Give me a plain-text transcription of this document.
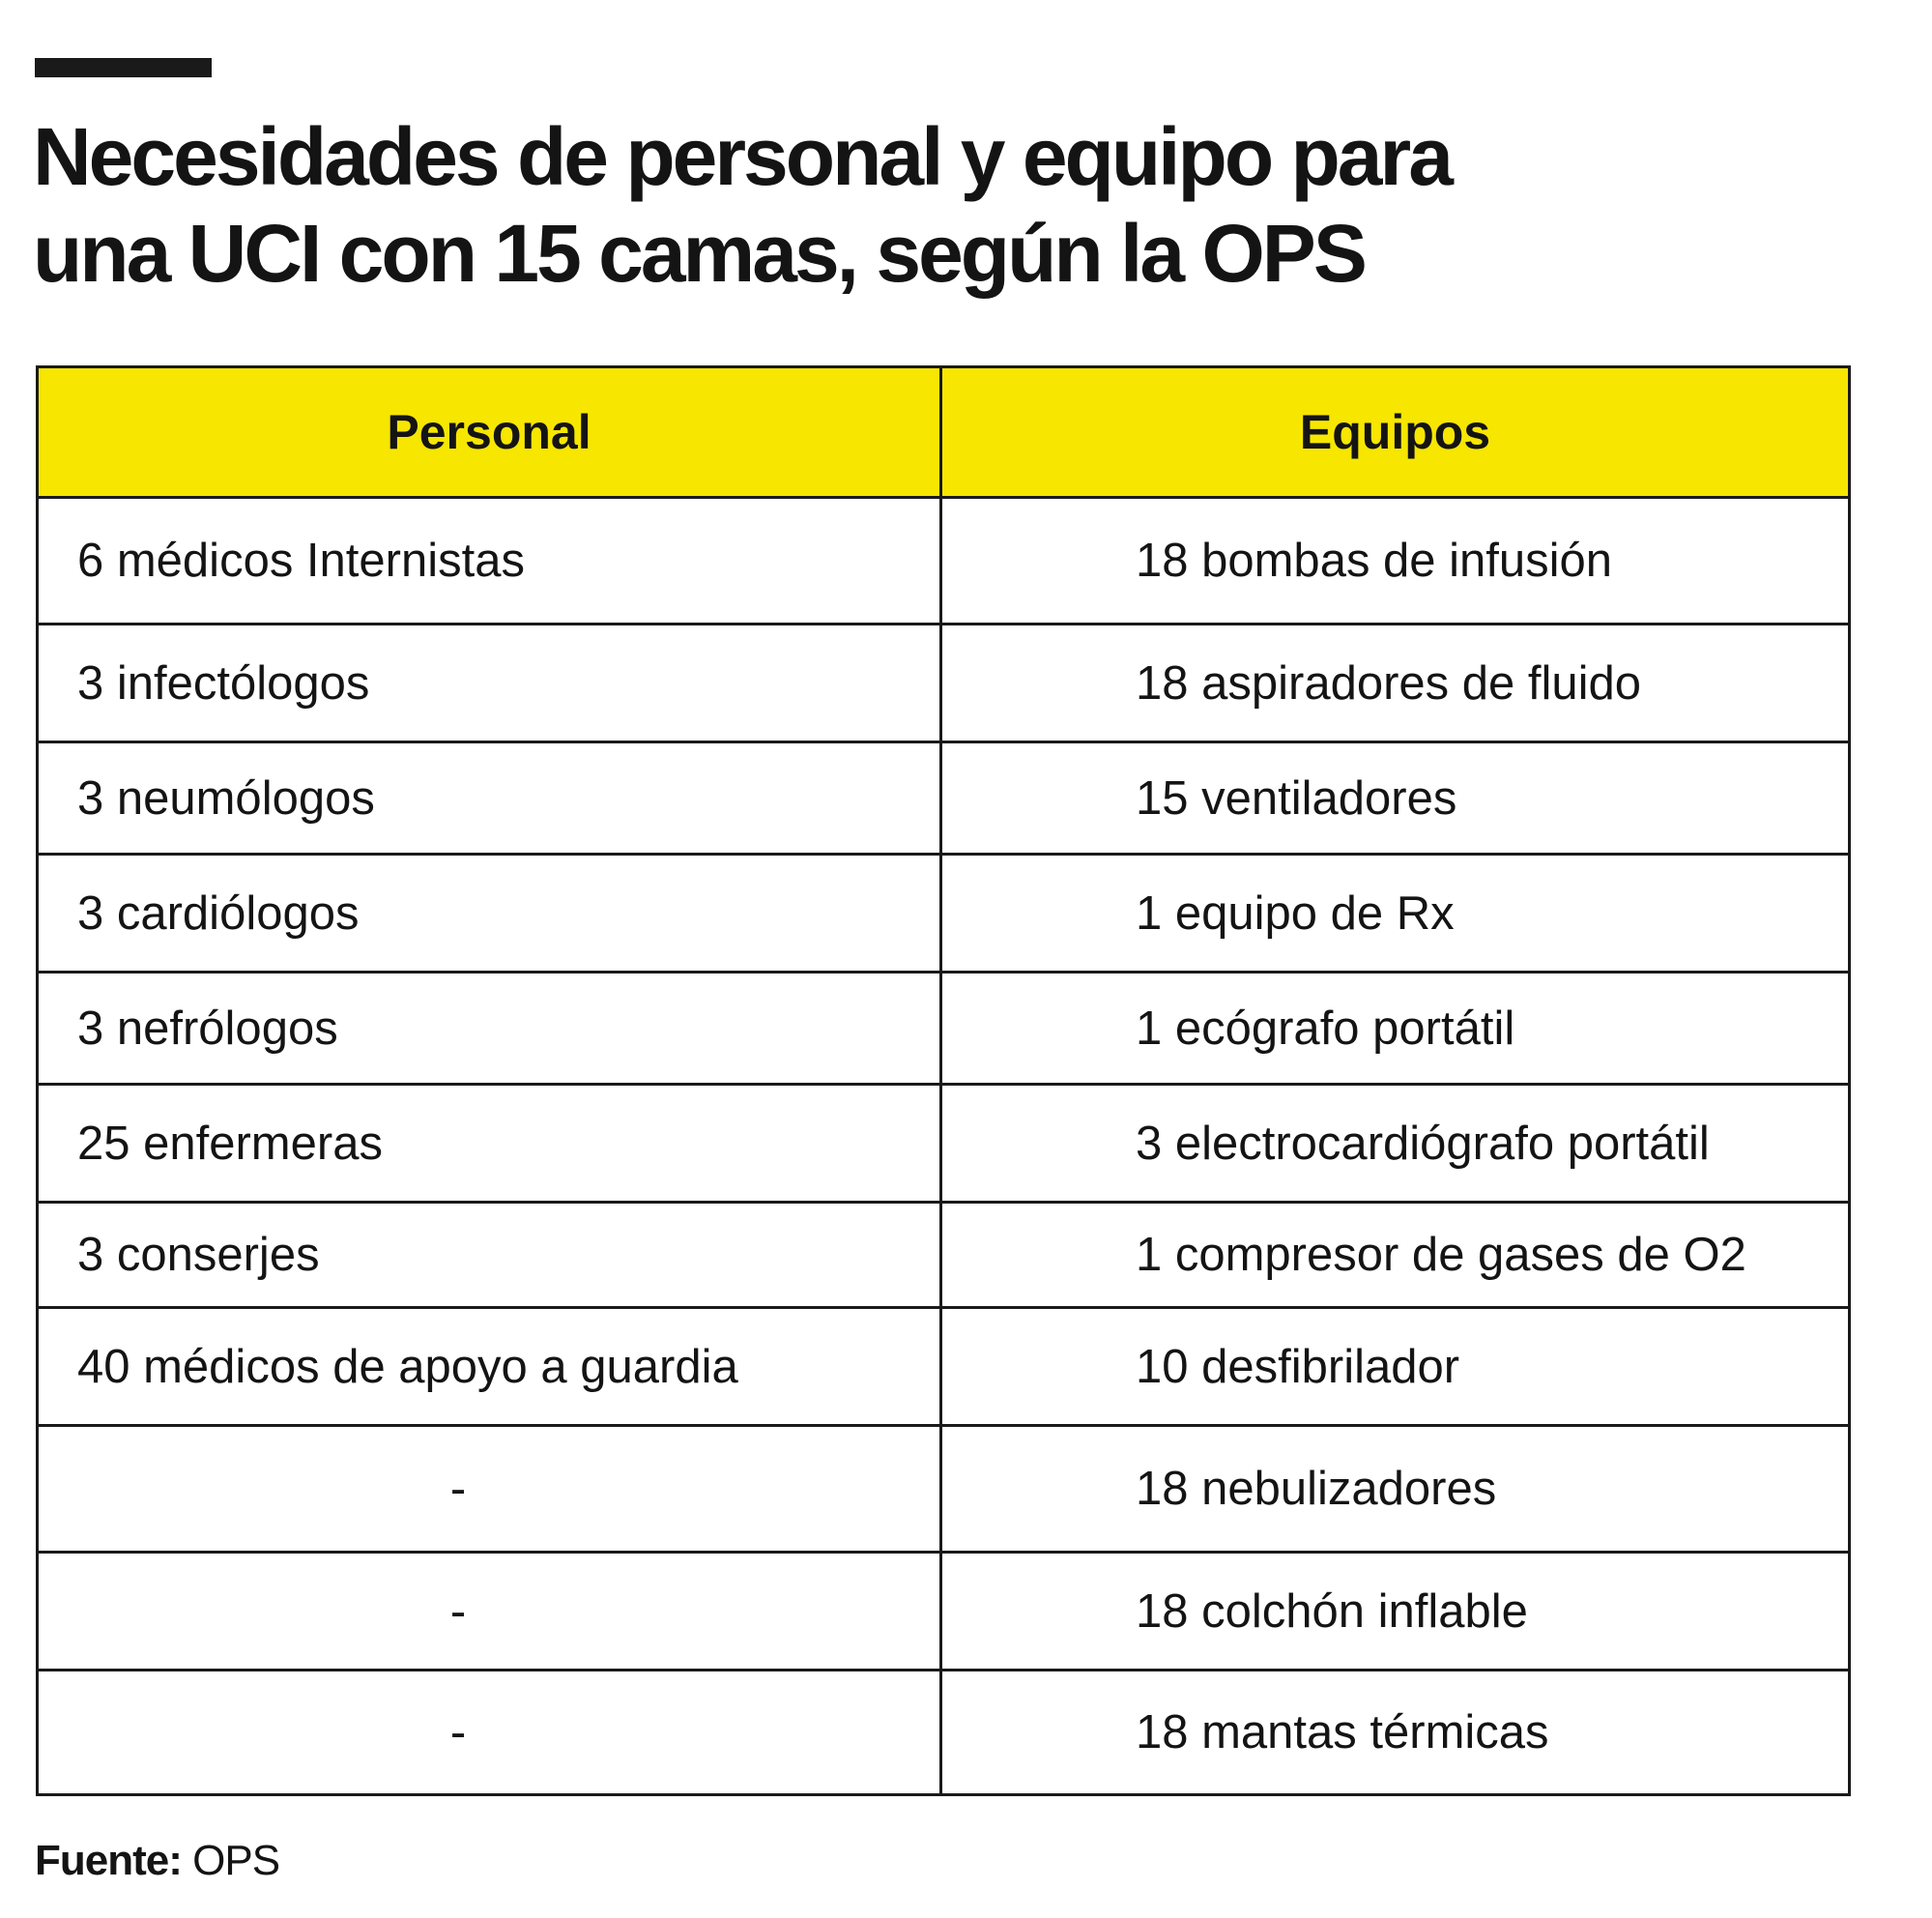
Necesidades de personal y equipo para
una UCI con 15 camas, según la OPS
Personal	Equipos
6 médicos Internistas	18 bombas de infusión
3 infectólogos	18 aspiradores de fluido
3 neumólogos	15 ventiladores
3 cardiólogos	1 equipo de Rx
3 nefrólogos	1 ecógrafo portátil
25 enfermeras	3 electrocardiógrafo portátil
3 conserjes	1 compresor de gases de O2
40 médicos de apoyo a guardia	10 desfibrilador
-	18 nebulizadores
-	18 colchón inflable
-	18 mantas térmicas
Fuente: OPS
